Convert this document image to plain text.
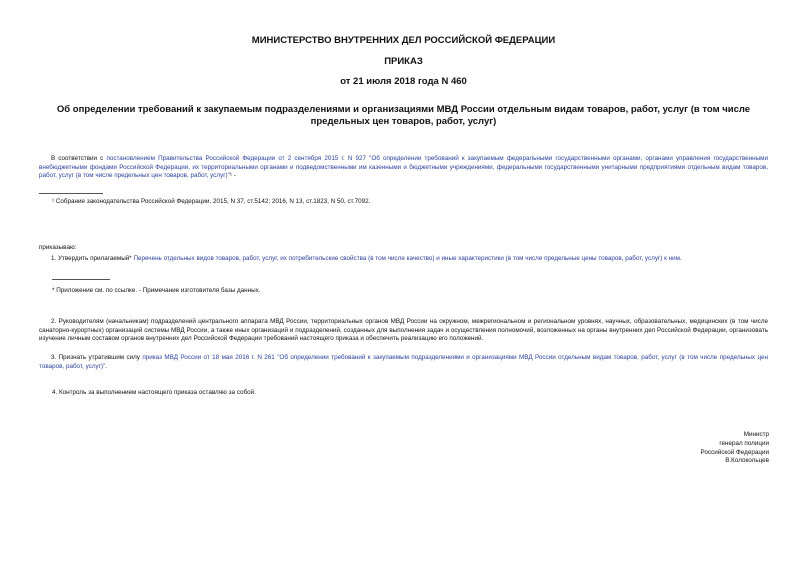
МИНИСТЕРСТВО ВНУТРЕННИХ ДЕЛ РОССИЙСКОЙ ФЕДЕРАЦИИ
ПРИКАЗ
от 21 июля 2018 года N 460
Об определении требований к закупаемым подразделениями и организациями МВД России отдельным видам товаров, работ, услуг (в том числе предельных цен товаров, работ, услуг)
В соответствии с постановлением Правительства Российской Федерации от 2 сентября 2015 г. N 927 "Об определении требований к закупаемым федеральными государственными органами, органами управления государственными внебюджетными фондами Российской Федерации, их территориальными органами и подведомственными им казенными и бюджетными учреждениями, федеральными государственными унитарными предприятиями отдельным видам товаров, работ, услуг (в том числе предельных цен товаров, работ, услуг)"¹ -
¹ Собрание законодательства Российской Федерации, 2015, N 37, ст.5142; 2016, N 13, ст.1823, N 50, ст.7092.
приказываю:
1. Утвердить прилагаемый* Перечень отдельных видов товаров, работ, услуг, их потребительские свойства (в том числе качество) и иные характеристики (в том числе предельные цены товаров, работ, услуг) к ним.
* Приложение см. по ссылке. - Примечание изготовителя базы данных.
2. Руководителям (начальникам) подразделений центрального аппарата МВД России, территориальных органов МВД России на окружном, межрегиональном и региональном уровнях, научных, образовательных, медицинских (в том числе санаторно-курортных) организаций системы МВД России, а также иных организаций и подразделений, созданных для выполнения задач и осуществления полномочий, возложенных на органы внутренних дел Российской Федерации, организовать изучение личным составом органов внутренних дел Российской Федерации требований настоящего приказа и обеспечить реализацию его положений.
3. Признать утратившим силу приказ МВД России от 18 мая 2016 г. N 261 "Об определении требований к закупаемым подразделениями и организациями МВД России отдельным видам товаров, работ, услуг (в том числе предельных цен товаров, работ, услуг)".
4. Контроль за выполнением настоящего приказа оставляю за собой.
Министр
генерал полиции
Российской Федерации
В.Колокольцев
